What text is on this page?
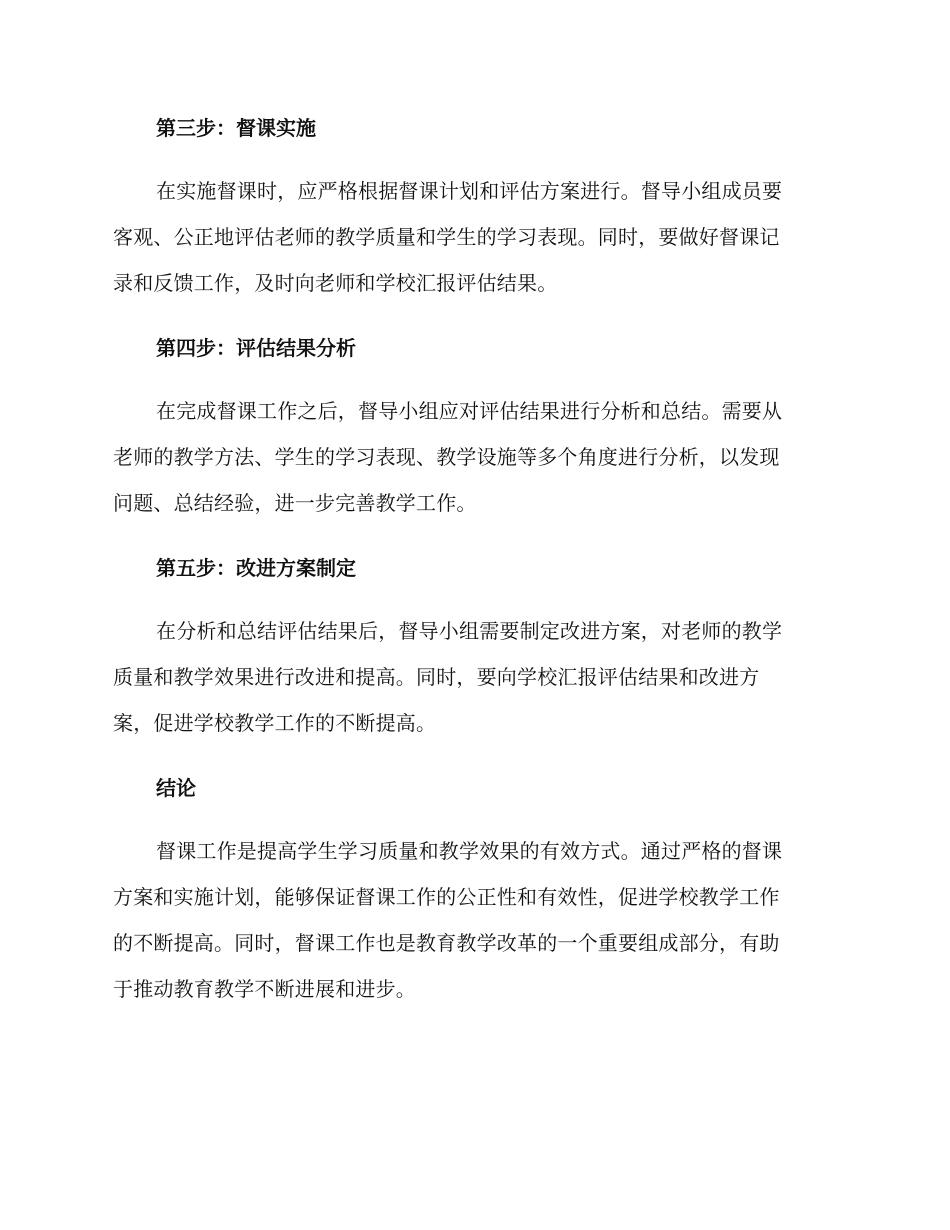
第三步：督课实施
在实施督课时，应严格根据督课计划和评估方案进行。督导小组成员要
客观、公正地评估老师的教学质量和学生的学习表现。同时，要做好督课记
录和反馈工作，及时向老师和学校汇报评估结果。
第四步：评估结果分析
在完成督课工作之后，督导小组应对评估结果进行分析和总结。需要从
老师的教学方法、学生的学习表现、教学设施等多个角度进行分析，以发现
问题、总结经验，进一步完善教学工作。
第五步：改进方案制定
在分析和总结评估结果后，督导小组需要制定改进方案，对老师的教学
质量和教学效果进行改进和提高。同时，要向学校汇报评估结果和改进方
案，促进学校教学工作的不断提高。
结论
督课工作是提高学生学习质量和教学效果的有效方式。通过严格的督课
方案和实施计划，能够保证督课工作的公正性和有效性，促进学校教学工作
的不断提高。同时，督课工作也是教育教学改革的一个重要组成部分，有助
于推动教育教学不断进展和进步。
